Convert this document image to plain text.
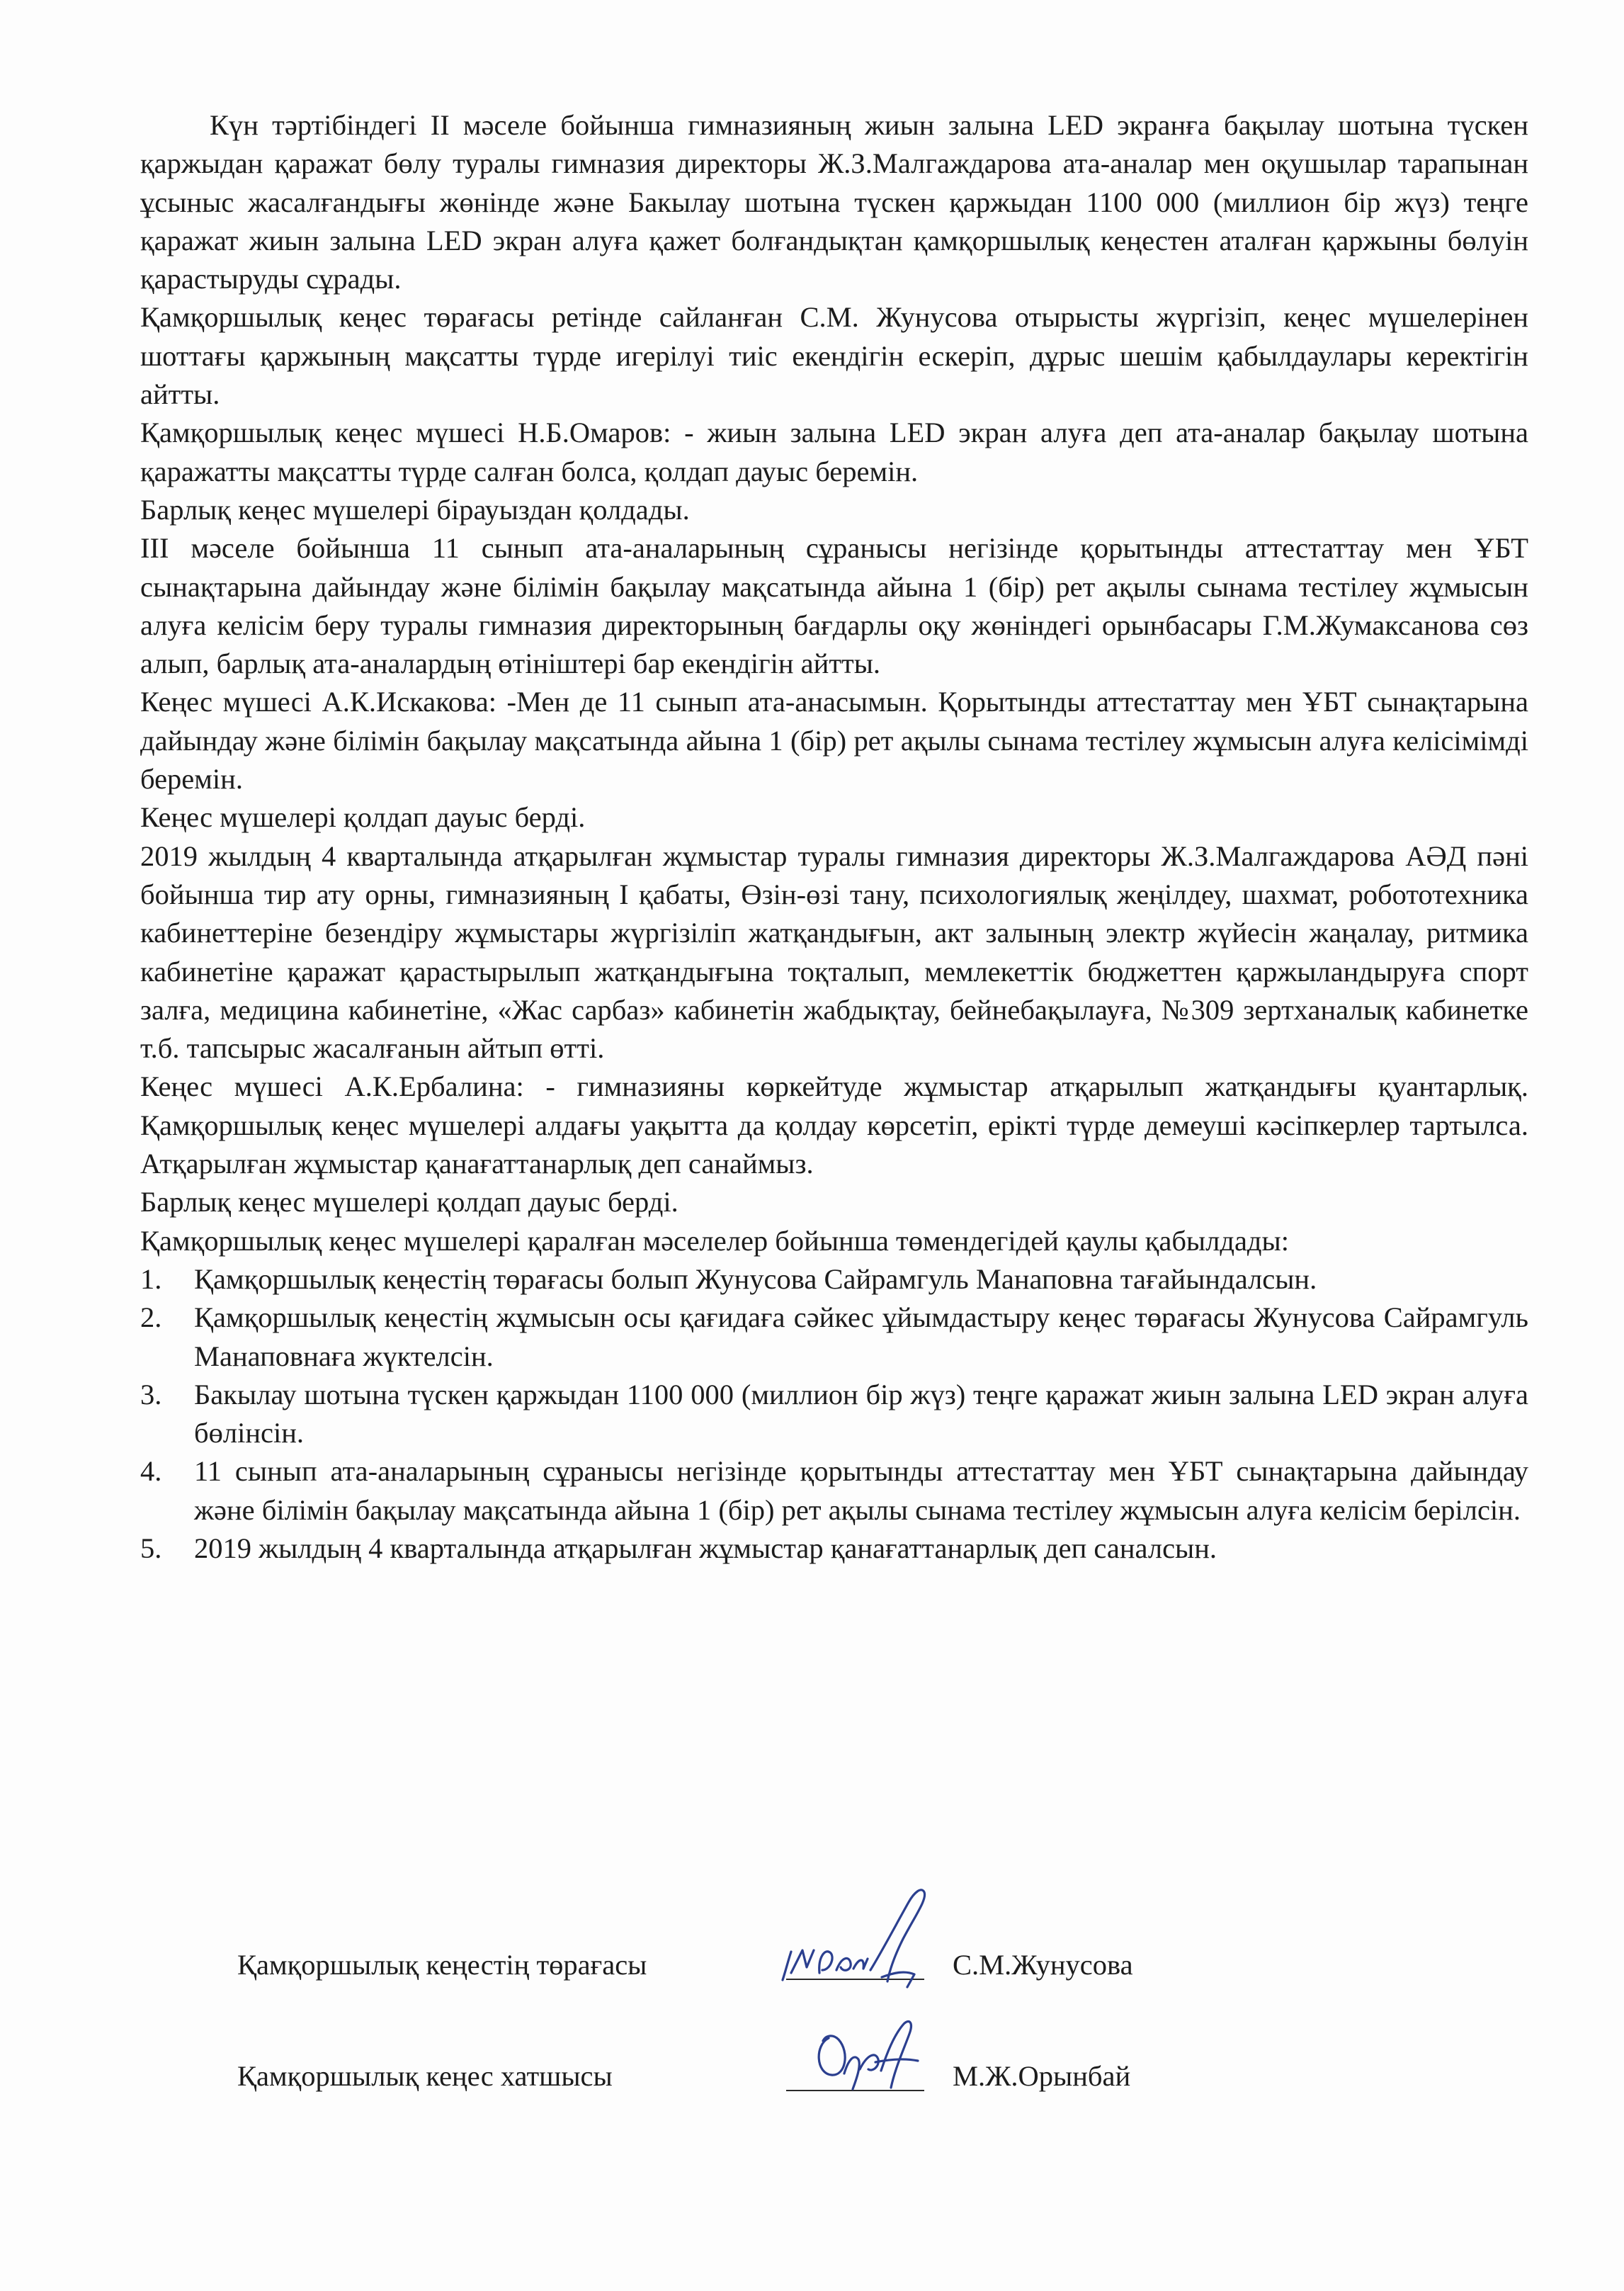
Күн тәртібіндегі ІІ мәселе бойынша гимназияның жиын залына LED экранға бақылау шотына түскен қаржыдан қаражат бөлу туралы гимназия директоры Ж.З.Малгаждарова ата-аналар мен оқушылар тарапынан ұсыныс жасалғандығы жөнінде және Бакылау шотына түскен қаржыдан 1100 000 (миллион бір жүз) теңге қаражат жиын залына LED экран алуға қажет болғандықтан қамқоршылық кеңестен аталған қаржыны бөлуін қарастыруды сұрады.

Қамқоршылық кеңес төрағасы ретінде сайланған С.М. Жунусова отырысты жүргізіп, кеңес мүшелерінен шоттағы қаржының мақсатты түрде игерілуі тиіс екендігін ескеріп, дұрыс шешім қабылдаулары керектігін айтты.

Қамқоршылық кеңес мүшесі Н.Б.Омаров: - жиын залына LED экран алуға деп ата-аналар бақылау шотына қаражатты мақсатты түрде салған болса, қолдап дауыс беремін.

Барлық кеңес мүшелері бірауыздан қолдады.

ІІІ мәселе бойынша 11 сынып ата-аналарының сұранысы негізінде қорытынды аттестаттау мен ҰБТ сынақтарына дайындау және білімін бақылау мақсатында айына 1 (бір) рет ақылы сынама тестілеу жұмысын алуға келісім беру туралы гимназия директорының бағдарлы оқу жөніндегі орынбасары Г.М.Жумаксанова сөз алып, барлық ата-аналардың өтініштері бар екендігін айтты.

Кеңес мүшесі А.К.Искакова: -Мен де 11 сынып ата-анасымын. Қорытынды аттестаттау мен ҰБТ сынақтарына дайындау және білімін бақылау мақсатында айына 1 (бір) рет ақылы сынама тестілеу жұмысын алуға келісімімді беремін.

Кеңес мүшелері қолдап дауыс берді.

2019 жылдың 4 кварталында атқарылған жұмыстар туралы гимназия директоры Ж.З.Малгаждарова АӘД пәні бойынша тир ату орны, гимназияның І қабаты, Өзін-өзі тану, психологиялық жеңілдеу, шахмат, робототехника кабинеттеріне безендіру жұмыстары жүргізіліп жатқандығын, акт залының электр жүйесін жаңалау, ритмика кабинетіне қаражат қарастырылып жатқандығына тоқталып, мемлекеттік бюджеттен қаржыландыруға спорт залға, медицина кабинетіне, «Жас сарбаз» кабинетін жабдықтау, бейнебақылауға, №309 зертханалық кабинетке т.б. тапсырыс жасалғанын айтып өтті.

Кеңес мүшесі А.К.Ербалина: - гимназияны көркейтуде жұмыстар атқарылып жатқандығы қуантарлық. Қамқоршылық кеңес мүшелері алдағы уақытта да қолдау көрсетіп, ерікті түрде демеуші кәсіпкерлер тартылса. Атқарылған жұмыстар қанағаттанарлық деп санаймыз.

Барлық кеңес мүшелері қолдап дауыс берді.

Қамқоршылық кеңес мүшелері қаралған мәселелер бойынша төмендегідей қаулы қабылдады:

1.	Қамқоршылық кеңестің төрағасы болып Жунусова Сайрамгуль Манаповна тағайындалсын.
2.	Қамқоршылық кеңестің жұмысын осы қағидаға сәйкес ұйымдастыру кеңес төрағасы Жунусова Сайрамгуль Манаповнаға жүктелсін.
3.	Бакылау шотына түскен қаржыдан 1100 000 (миллион бір жүз) теңге қаражат жиын залына LED экран алуға бөлінсін.
4.	11 сынып ата-аналарының сұранысы негізінде қорытынды аттестаттау мен ҰБТ сынақтарына дайындау және білімін бақылау мақсатында айына 1 (бір) рет ақылы сынама тестілеу жұмысын алуға келісім берілсін.
5.	2019 жылдың 4 кварталында атқарылған жұмыстар қанағаттанарлық деп саналсын.
Қамқоршылық кеңестің төрағасы	С.М.Жунусова
Қамқоршылық кеңес хатшысы	М.Ж.Орынбай
